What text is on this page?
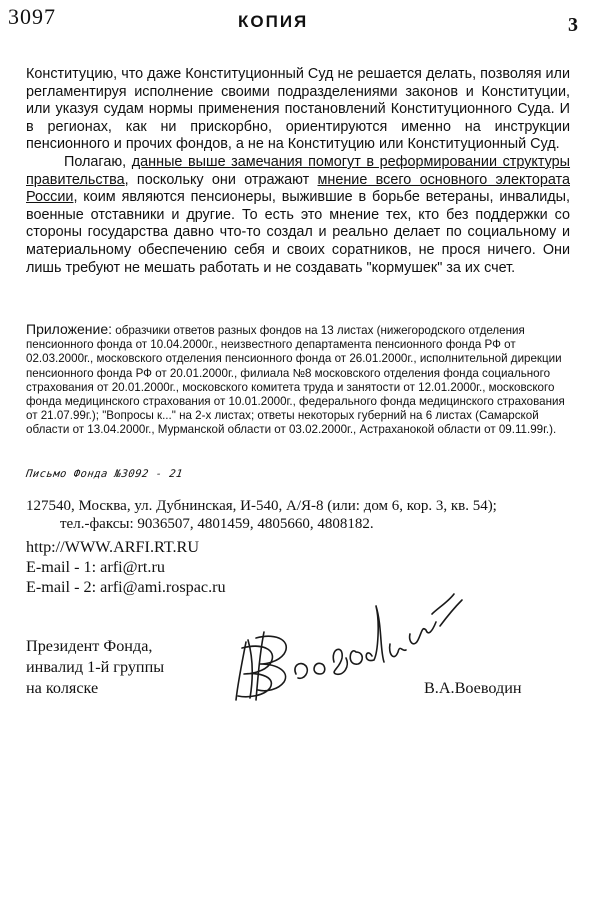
3097	КОПИЯ	3

Конституцию, что даже Конституционный Суд не решается делать, позволяя или регламентируя исполнение своими подразделениями законов и Конституции, или указуя судам нормы применения постановлений Конституционного Суда. И в регионах, как ни прискорбно, ориентируются именно на инструкции пенсионного и прочих фондов, а не на Конституцию или Конституционный Суд.

Полагаю, данные выше замечания помогут в реформировании структуры правительства, поскольку они отражают мнение всего основного электората России, коим являются пенсионеры, выжившие в борьбе ветераны, инвалиды, военные отставники и другие. То есть это мнение тех, кто без поддержки со стороны государства давно что-то создал и реально делает по социальному и материальному обеспечению себя и своих соратников, не прося ничего. Они лишь требуют не мешать работать и не создавать "кормушек" за их счет.

Приложение: образчики ответов разных фондов на 13 листах (нижегородского отделения пенсионного фонда от 10.04.2000г., неизвестного департамента пенсионного фонда РФ от 02.03.2000г., московского отделения пенсионного фонда от 26.01.2000г., исполнительной дирекции пенсионного фонда РФ от 20.01.2000г., филиала №8 московского отделения фонда социального страхования от 20.01.2000г., московского комитета труда и занятости от 12.01.2000г., московского фонда медицинского страхования от 10.01.2000г., федерального фонда медицинского страхования от 21.07.99г.); "Вопросы к..." на 2-х листах; ответы некоторых губерний на 6 листах (Самарской области от 13.04.2000г., Мурманской области от 03.02.2000г., Астраханокой области от 09.11.99г.).
Письмо Фонда №3092 - 21
127540, Москва, ул. Дубнинская, И-540, А/Я-8 (или: дом 6, кор. 3, кв. 54);
тел.-факсы: 9036507, 4801459, 4805660, 4808182.
http://WWW.ARFI.RT.RU
E-mail - 1: arfi@rt.ru
E-mail - 2: arfi@ami.rospac.ru
Президент Фонда,
инвалид 1-й группы
на коляске	В.А.Воеводин
